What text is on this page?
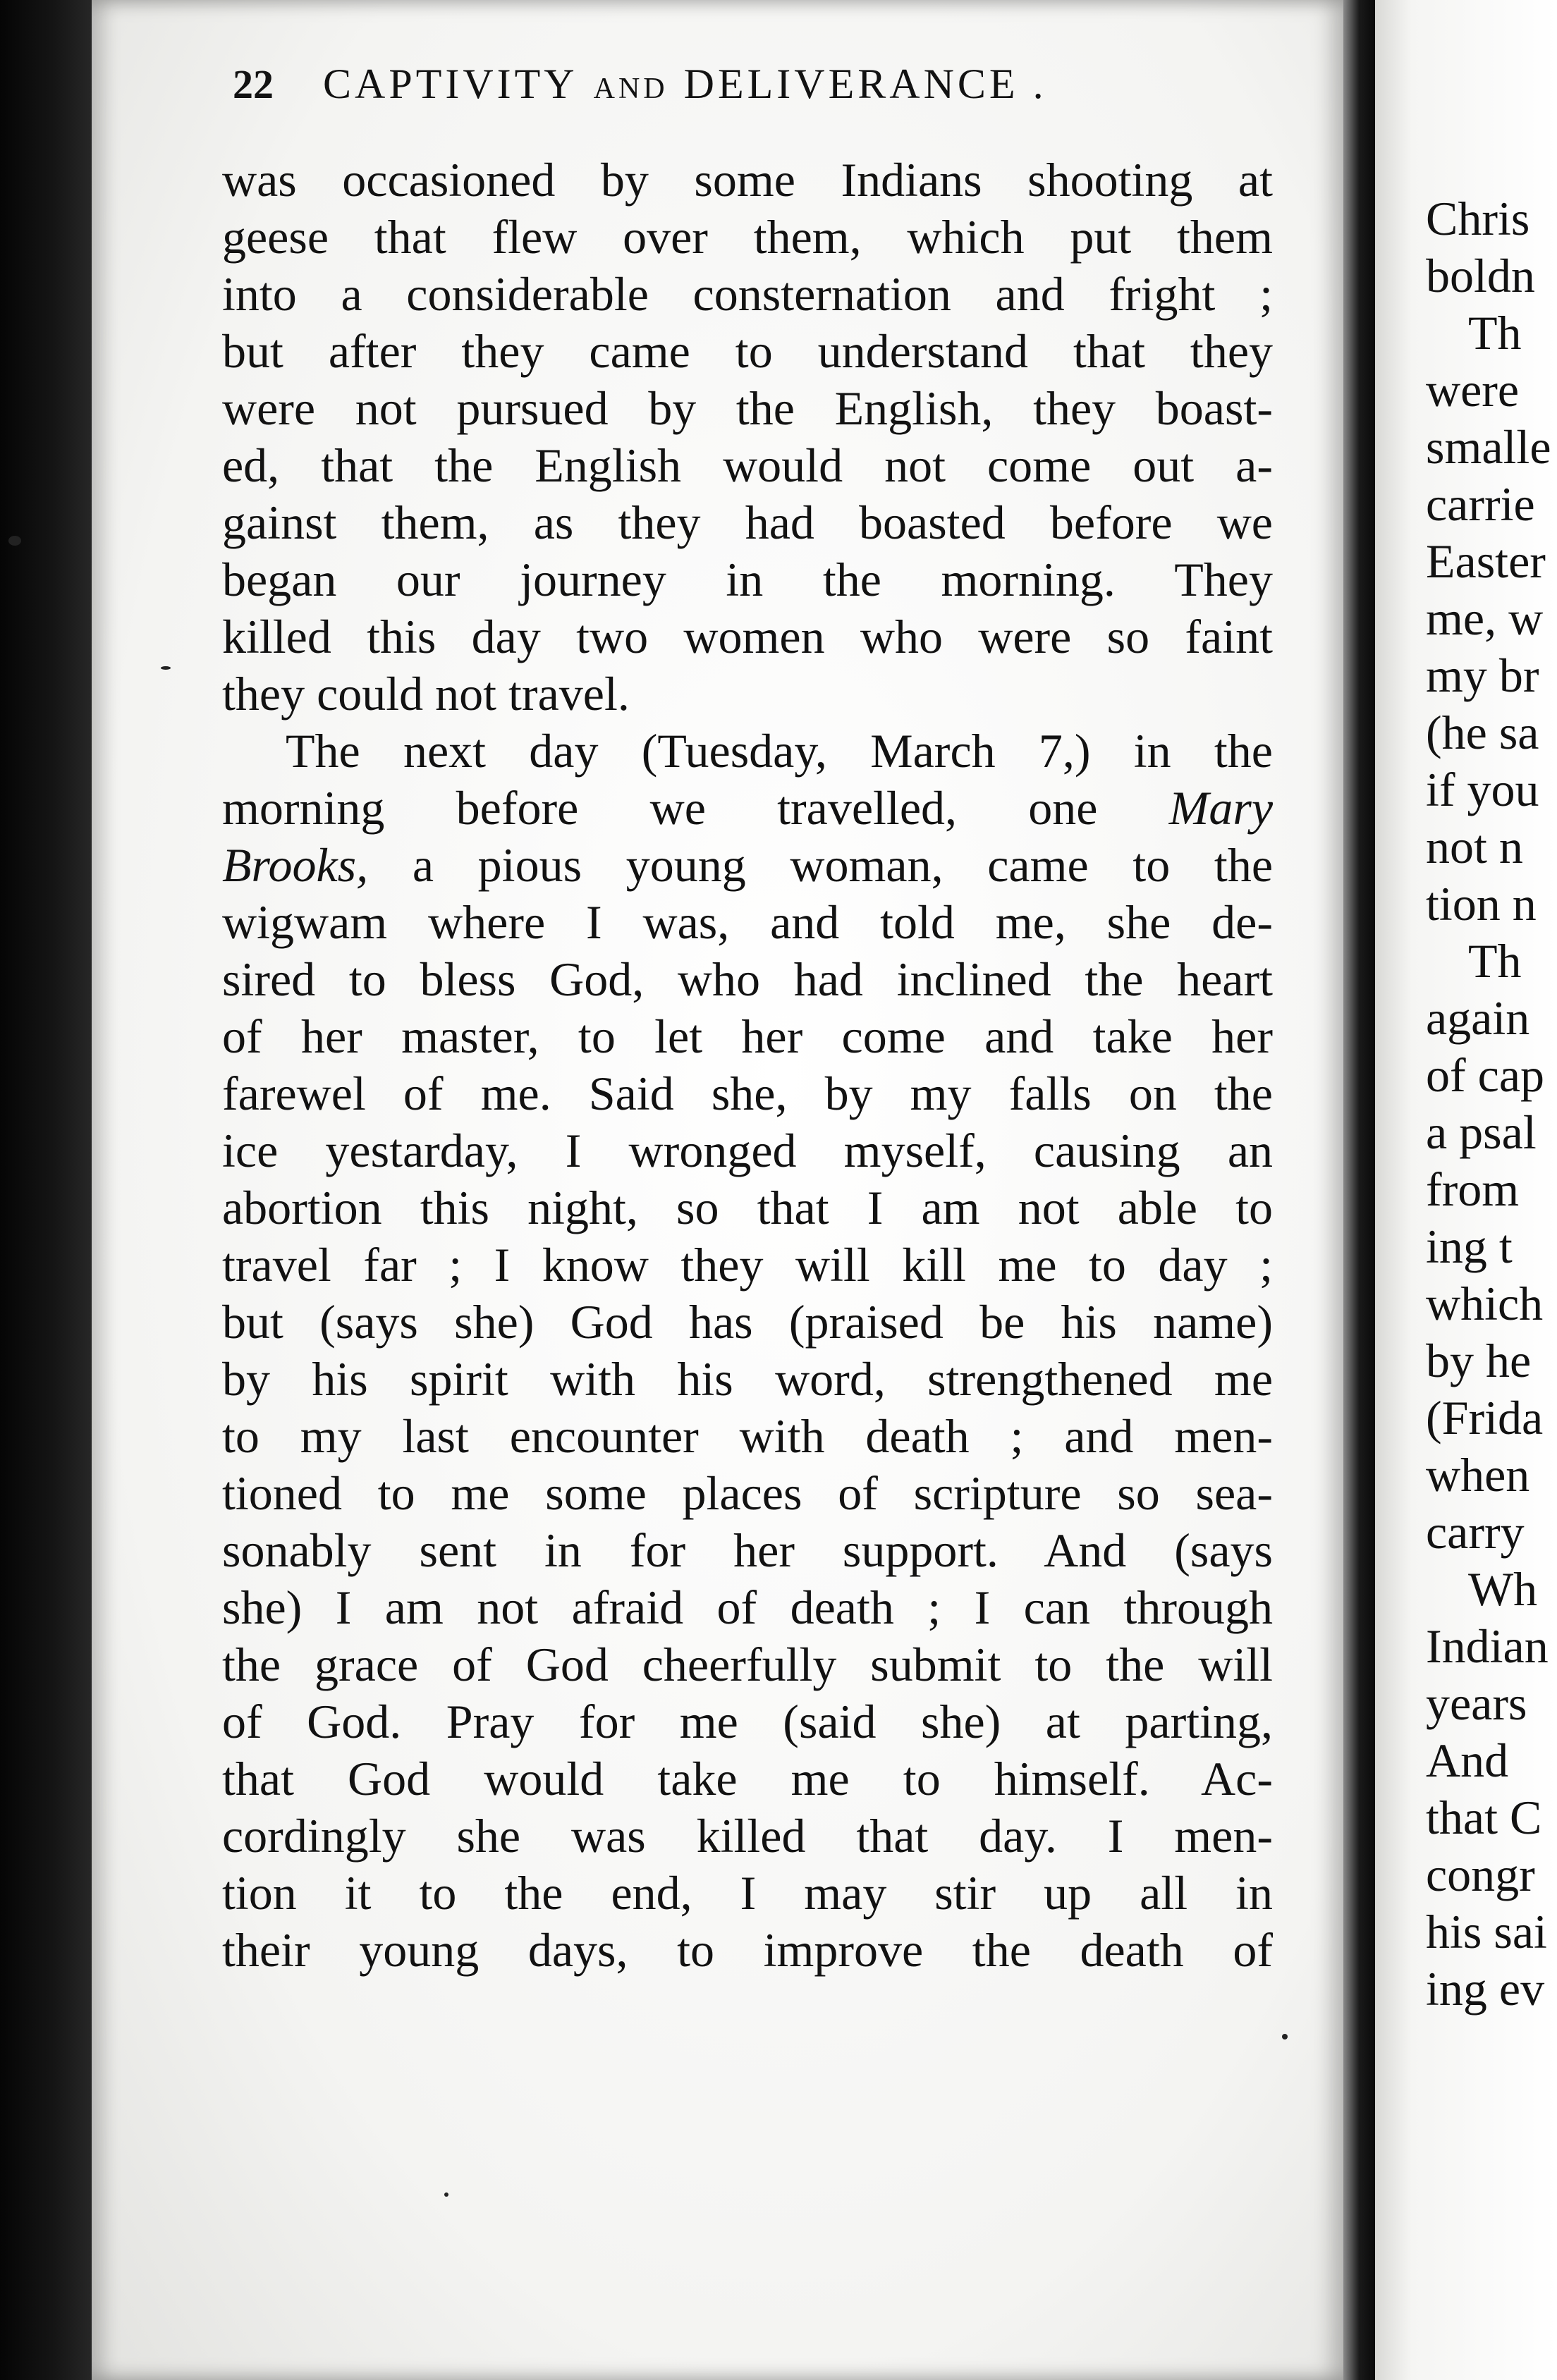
22 CAPTIVITY AND DELIVERANCE .
was occasioned by some Indians shooting at
geese that flew over them, which put them
into a considerable consternation and fright ;
but after they came to understand that they
were not pursued by the English, they boast-
ed, that the English would not come out a-
gainst them, as they had boasted before we
began our journey in the morning. They
killed this day two women who were so faint
they could not travel.
The next day (Tuesday, March 7,) in the
morning before we travelled, one Mary
Brooks, a pious young woman, came to the
wigwam where I was, and told me, she de-
sired to bless God, who had inclined the heart
of her master, to let her come and take her
farewel of me. Said she, by my falls on the
ice yestarday, I wronged myself, causing an
abortion this night, so that I am not able to
travel far ; I know they will kill me to day ;
but (says she) God has (praised be his name)
by his spirit with his word, strengthened me
to my last encounter with death ; and men-
tioned to me some places of scripture so sea-
sonably sent in for her support. And (says
she) I am not afraid of death ; I can through
the grace of God cheerfully submit to the will
of God. Pray for me (said she) at parting,
that God would take me to himself. Ac-
cordingly she was killed that day. I men-
tion it to the end, I may stir up all in
their young days, to improve the death of
Chris
boldn
Th
were
smalle
carrie
Easter
me, w
my br
(he sa
if you
not n
tion n
Th
again
of cap
a psal
from
ing t
which
by he
(Frida
when
carry
Wh
Indian
years
And
that C
congr
his sai
ing ev
